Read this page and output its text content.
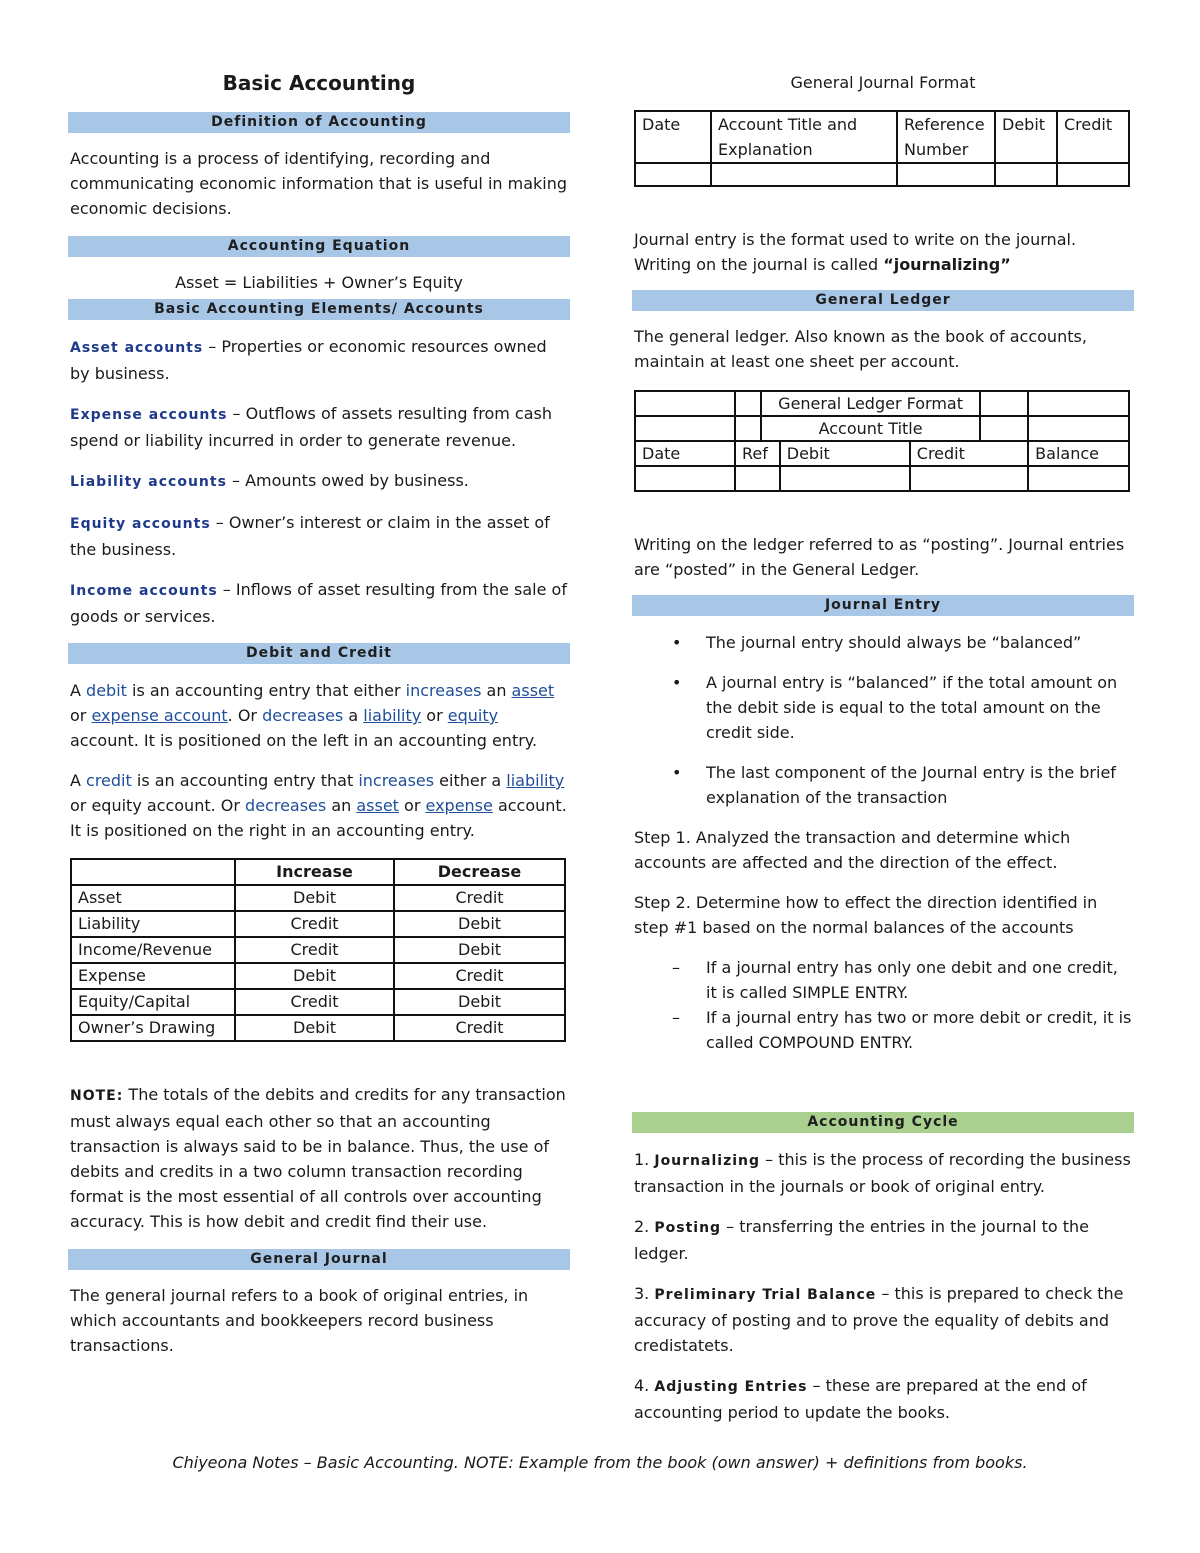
Basic Accounting
Definition of Accounting

Accounting is a process of identifying, recording and communicating economic information that is useful in making economic decisions.

Accounting Equation

Asset = Liabilities + Owner’s Equity

Basic Accounting Elements/ Accounts

Asset accounts – Properties or economic resources owned by business.

Expense accounts – Outflows of assets resulting from cash spend or liability incurred in order to generate revenue.

Liability accounts – Amounts owed by business.

Equity accounts – Owner’s interest or claim in the asset of the business.

Income accounts – Inflows of asset resulting from the sale of goods or services.

Debit and Credit

A debit is an accounting entry that either increases an asset or expense account. Or decreases a liability or equity account. It is positioned on the left in an accounting entry.

A credit is an accounting entry that increases either a liability or equity account. Or decreases an asset or expense account. It is positioned on the right in an accounting entry.

	Increase	Decrease
Asset	Debit	Credit
Liability	Credit	Debit
Income/Revenue	Credit	Debit
Expense	Debit	Credit
Equity/Capital	Credit	Debit
Owner’s Drawing	Debit	Credit

NOTE: The totals of the debits and credits for any transaction must always equal each other so that an accounting transaction is always said to be in balance. Thus, the use of debits and credits in a two column transaction recording format is the most essential of all controls over accounting accuracy. This is how debit and credit find their use.

General Journal

The general journal refers to a book of original entries, in which accountants and bookkeepers record business transactions.

General Journal Format
Date	Account Title and Explanation	Reference Number	Debit	Credit

Journal entry is the format used to write on the journal. Writing on the journal is called “journalizing”

General Ledger

The general ledger. Also known as the book of accounts, maintain at least one sheet per account.

		General Ledger Format				
		Account Title				
Date	Ref		Debit	Credit		Balance

Writing on the ledger referred to as “posting”. Journal entries are “posted” in the General Ledger.

Journal Entry
• The journal entry should always be “balanced”
• A journal entry is “balanced” if the total amount on the debit side is equal to the total amount on the credit side.
• The last component of the Journal entry is the brief explanation of the transaction

Step 1. Analyzed the transaction and determine which accounts are affected and the direction of the effect.

Step 2. Determine how to effect the direction identified in step #1 based on the normal balances of the accounts

– If a journal entry has only one debit and one credit, it is called SIMPLE ENTRY.
– If a journal entry has two or more debit or credit, it is called COMPOUND ENTRY.
Accounting Cycle

1. Journalizing – this is the process of recording the business transaction in the journals or book of original entry.

2. Posting – transferring the entries in the journal to the ledger.

3. Preliminary Trial Balance – this is prepared to check the accuracy of posting and to prove the equality of debits and credistatets.

4. Adjusting Entries – these are prepared at the end of accounting period to update the books.

Chiyeona Notes – Basic Accounting. NOTE: Example from the book (own answer) + definitions from books.
